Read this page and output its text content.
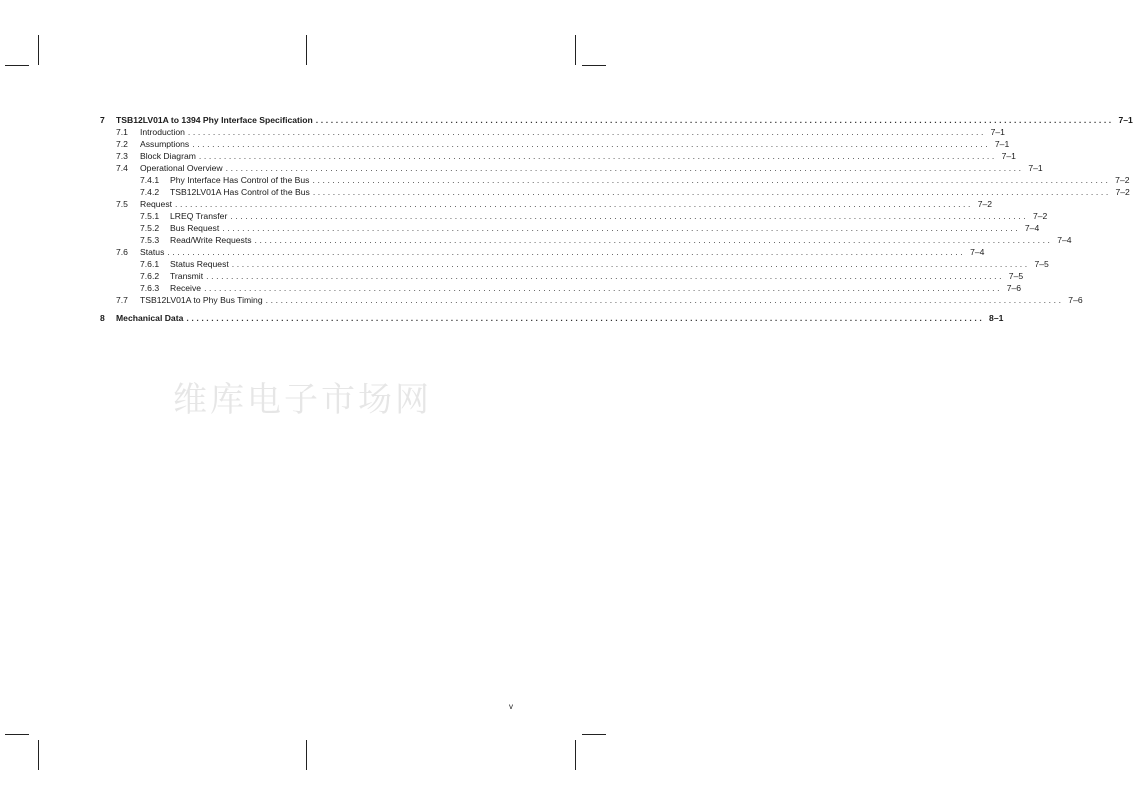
7 TSB12LV01A to 1394 Phy Interface Specification ................................................................................................................................................................ 7–1
7.1 Introduction ................................................................................................................................................................ 7–1
7.2 Assumptions ................................................................................................................................................................ 7–1
7.3 Block Diagram ................................................................................................................................................................ 7–1
7.4 Operational Overview ................................................................................................................................................................ 7–1
7.4.1 Phy Interface Has Control of the Bus ................................................................................................................................................................ 7–2
7.4.2 TSB12LV01A Has Control of the Bus ................................................................................................................................................................ 7–2
7.5 Request ................................................................................................................................................................ 7–2
7.5.1 LREQ Transfer ................................................................................................................................................................ 7–2
7.5.2 Bus Request ................................................................................................................................................................ 7–4
7.5.3 Read/Write Requests ................................................................................................................................................................ 7–4
7.6 Status ................................................................................................................................................................ 7–4
7.6.1 Status Request ................................................................................................................................................................ 7–5
7.6.2 Transmit ................................................................................................................................................................ 7–5
7.6.3 Receive ................................................................................................................................................................ 7–6
7.7 TSB12LV01A to Phy Bus Timing ................................................................................................................................................................ 7–6
8 Mechanical Data ................................................................................................................................................................ 8–1
维库电子市场网
v
